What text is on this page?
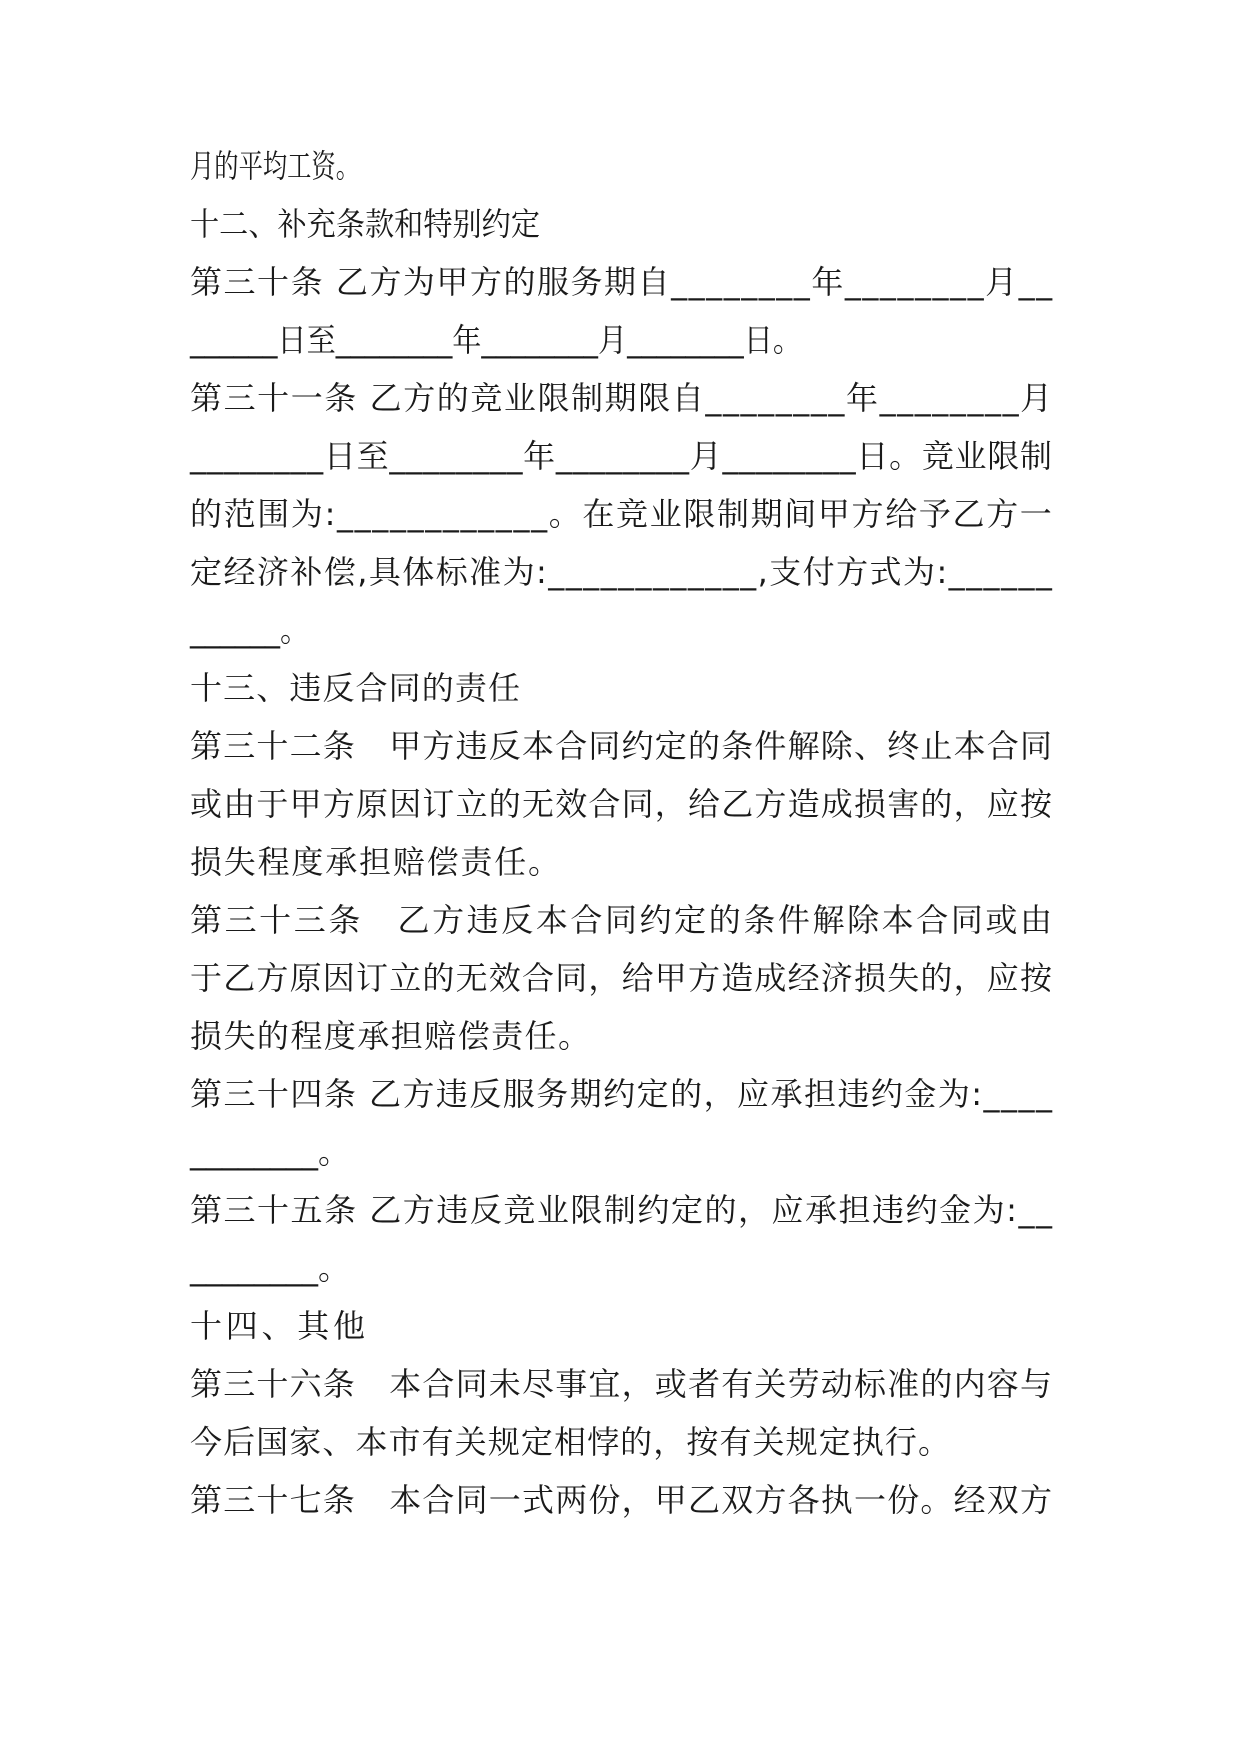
月的平均工资。
十二、补充条款和特别约定
第三十条 乙方为甲方的服务期自________年________月__
______日至________年________月________日。
第三十一条 乙方的竞业限制期限自________年________月
________日至________年________月________日。竞业限制
的范围为:____________。在竞业限制期间甲方给予乙方一
定经济补偿,具体标准为:____________,支付方式为:______
______。
十三、违反合同的责任
第三十二条　甲方违反本合同约定的条件解除、终止本合同
或由于甲方原因订立的无效合同，给乙方造成损害的，应按
损失程度承担赔偿责任。
第三十三条　乙方违反本合同约定的条件解除本合同或由
于乙方原因订立的无效合同，给甲方造成经济损失的，应按
损失的程度承担赔偿责任。
第三十四条 乙方违反服务期约定的，应承担违约金为:____
________。
第三十五条 乙方违反竞业限制约定的，应承担违约金为:__
________。
十四、其他
第三十六条　本合同未尽事宜，或者有关劳动标准的内容与
今后国家、本市有关规定相悖的，按有关规定执行。
第三十七条　本合同一式两份，甲乙双方各执一份。经双方
